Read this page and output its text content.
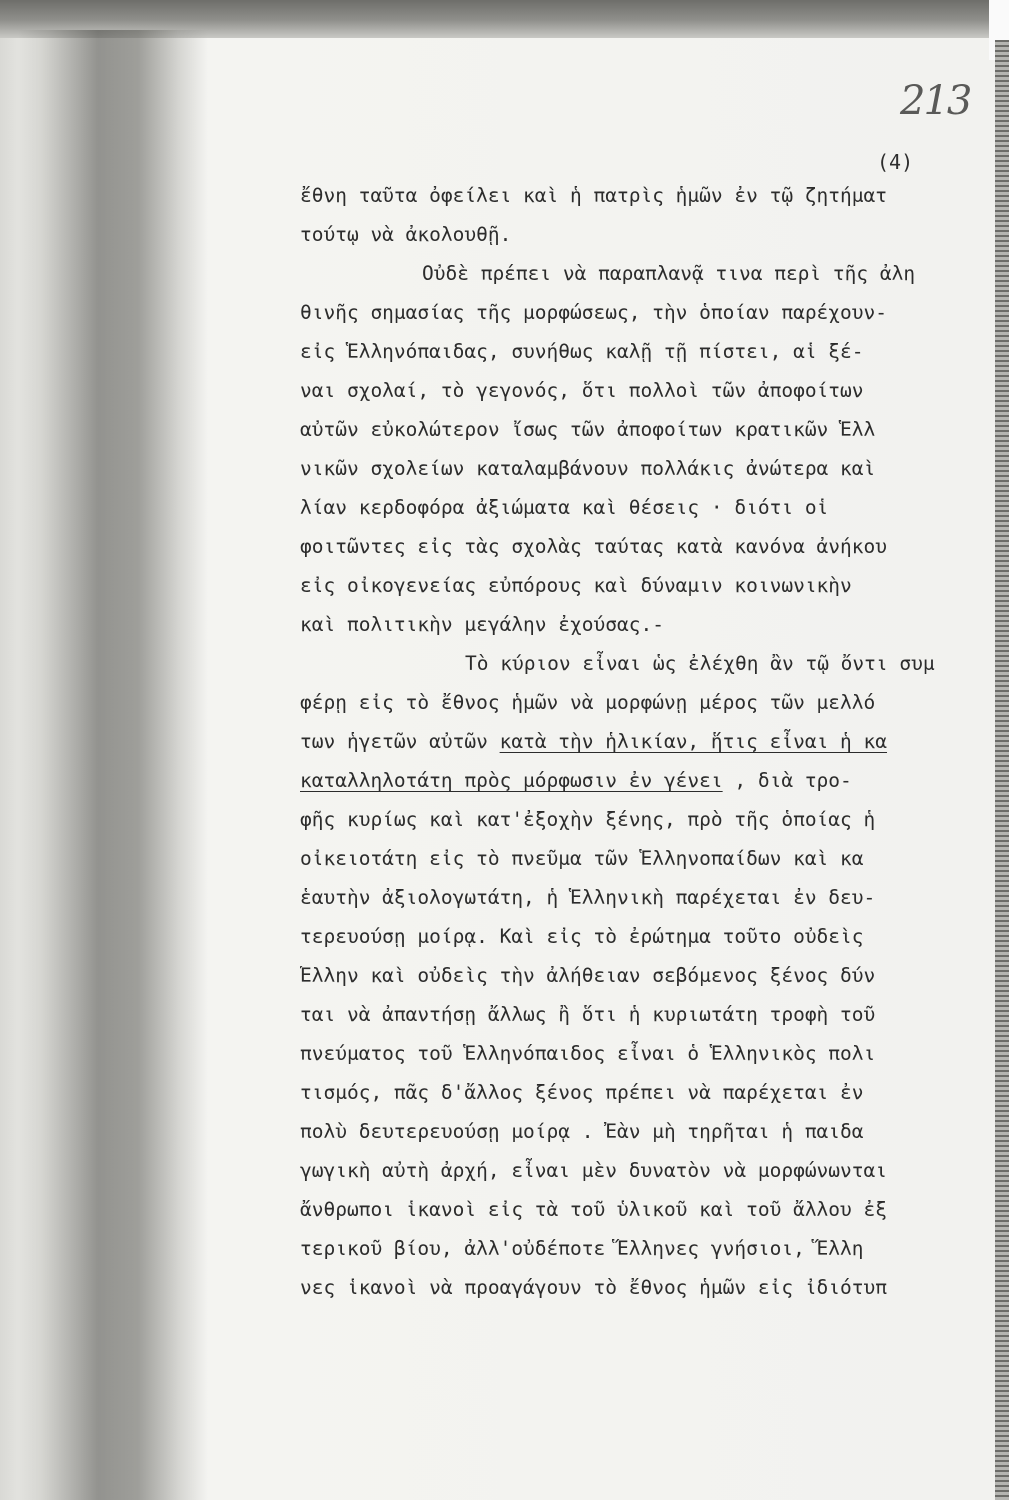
213
(4)
ἔθνη ταῦτα ὀφείλει καὶ ἡ πατρὶς ἡμῶν ἐν τῷ ζητήματ
τούτῳ νὰ ἀκολουθῇ.
Οὐδὲ πρέπει νὰ παραπλανᾷ τινα περὶ τῆς ἀλη
θινῆς σημασίας τῆς μορφώσεως, τὴν ὁποίαν παρέχουν-
εἰς Ἑλληνόπαιδας, συνήθως καλῇ τῇ πίστει, αἱ ξέ-
ναι σχολαί, τὸ γεγονός, ὅτι πολλοὶ τῶν ἀποφοίτων
αὐτῶν εὐκολώτερον ἴσως τῶν ἀποφοίτων κρατικῶν Ἑλλ
νικῶν σχολείων καταλαμβάνουν πολλάκις ἀνώτερα καὶ
λίαν κερδοφόρα ἀξιώματα καὶ θέσεις · διότι οἱ
φοιτῶντες εἰς τὰς σχολὰς ταύτας κατὰ κανόνα ἀνήκου
εἰς οἰκογενείας εὐπόρους καὶ δύναμιν κοινωνικὴν
καὶ πολιτικὴν μεγάλην ἐχούσας.-
Τὸ κύριον εἶναι ὡς ἐλέχθη ἂν τῷ ὄντι συμ
φέρῃ εἰς τὸ ἔθνος ἡμῶν νὰ μορφώνῃ μέρος τῶν μελλό
των ἡγετῶν αὐτῶν κατὰ τὴν ἡλικίαν, ἥτις εἶναι ἡ κα
καταλληλοτάτη πρὸς μόρφωσιν ἐν γένει , διὰ τρο-
φῆς κυρίως καὶ κατ'ἐξοχὴν ξένης, πρὸ τῆς ὁποίας ἡ
οἰκειοτάτη εἰς τὸ πνεῦμα τῶν Ἑλληνοπαίδων καὶ κα
ἑαυτὴν ἀξιολογωτάτη, ἡ Ἑλληνικὴ παρέχεται ἐν δευ-
τερευούσῃ μοίρᾳ. Καὶ εἰς τὸ ἐρώτημα τοῦτο οὐδεὶς
Ἕλλην καὶ οὐδεὶς τὴν ἀλήθειαν σεβόμενος ξένος δύν
ται νὰ ἀπαντήσῃ ἄλλως ἢ ὅτι ἡ κυριωτάτη τροφὴ τοῦ
πνεύματος τοῦ Ἑλληνόπαιδος εἶναι ὁ Ἑλληνικὸς πολι
τισμός, πᾶς δ'ἄλλος ξένος πρέπει νὰ παρέχεται ἐν
πολὺ δευτερευούσῃ μοίρᾳ . Ἐὰν μὴ τηρῆται ἡ παιδα
γωγικὴ αὐτὴ ἀρχή, εἶναι μὲν δυνατὸν νὰ μορφώνωνται
ἄνθρωποι ἱκανοὶ εἰς τὰ τοῦ ὑλικοῦ καὶ τοῦ ἄλλου ἐξ
τερικοῦ βίου, ἀλλ'οὐδέποτε Ἕλληνες γνήσιοι, Ἕλλη
νες ἱκανοὶ νὰ προαγάγουν τὸ ἔθνος ἡμῶν εἰς ἰδιότυπ
